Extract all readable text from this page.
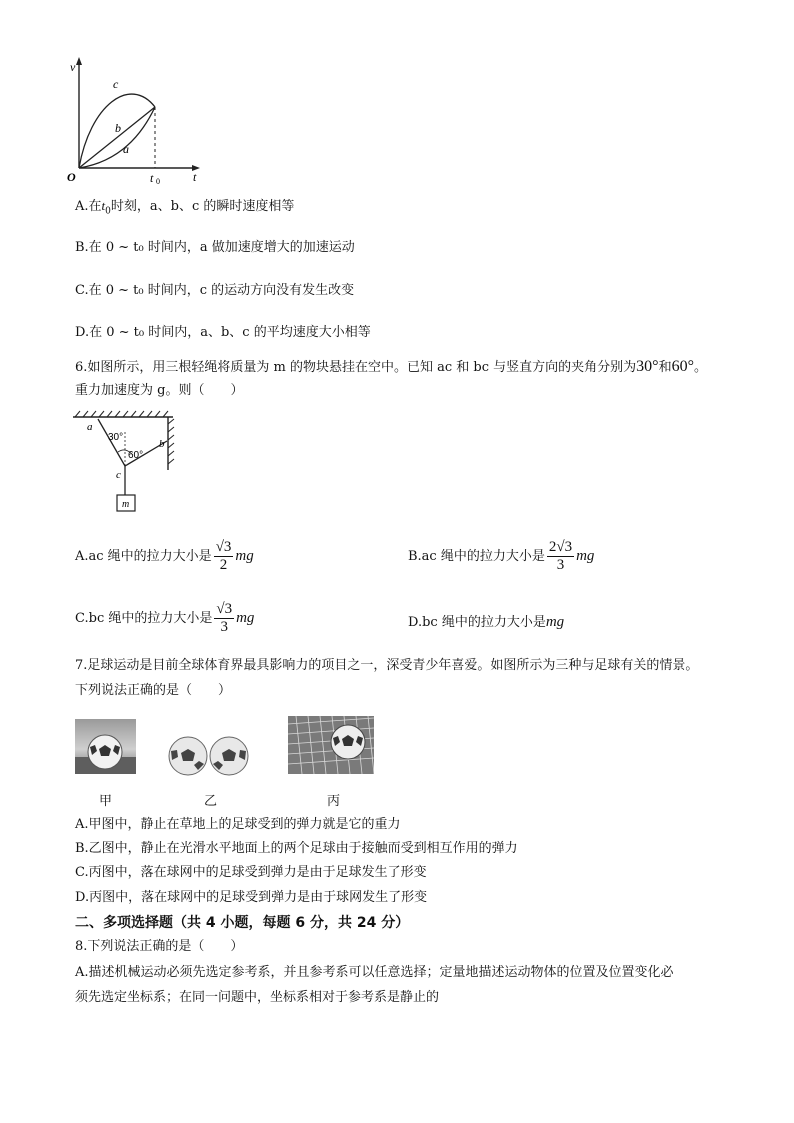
v
t
O	t 0
c
b
a
A.在$t_0$时刻，a、b、c 的瞬时速度相等
B.在 0 ~ t₀ 时间内，a 做加速度增大的加速运动
C.在 0 ~ t₀ 时间内，c 的运动方向没有发生改变
D.在 0 ~ t₀ 时间内，a、b、c 的平均速度大小相等
6.如图所示，用三根轻绳将质量为 m 的物块悬挂在空中。已知 ac 和 bc 与竖直方向的夹角分别为30°和60°。
重力加速度为 g。则（　　）
a
b
c
m
30°
60°
A.ac 绳中的拉力大小是 $\frac{√3}{2}$ mg	B.ac 绳中的拉力大小是 $\frac{2√3}{3}$ mg
C.bc 绳中的拉力大小是 $\frac{√3}{3}$ mg	D.bc 绳中的拉力大小是mg
7.足球运动是目前全球体育界最具影响力的项目之一，深受青少年喜爱。如图所示为三种与足球有关的情景。
下列说法正确的是（　　）
甲	乙	丙
A.甲图中，静止在草地上的足球受到的弹力就是它的重力
B.乙图中，静止在光滑水平地面上的两个足球由于接触而受到相互作用的弹力
C.丙图中，落在球网中的足球受到弹力是由于足球发生了形变
D.丙图中，落在球网中的足球受到弹力是由于球网发生了形变
二、多项选择题（共 4 小题，每题 6 分，共 24 分）
8.下列说法正确的是（　　）
A.描述机械运动必须先选定参考系，并且参考系可以任意选择；定量地描述运动物体的位置及位置变化必
须先选定坐标系；在同一问题中，坐标系相对于参考系是静止的
